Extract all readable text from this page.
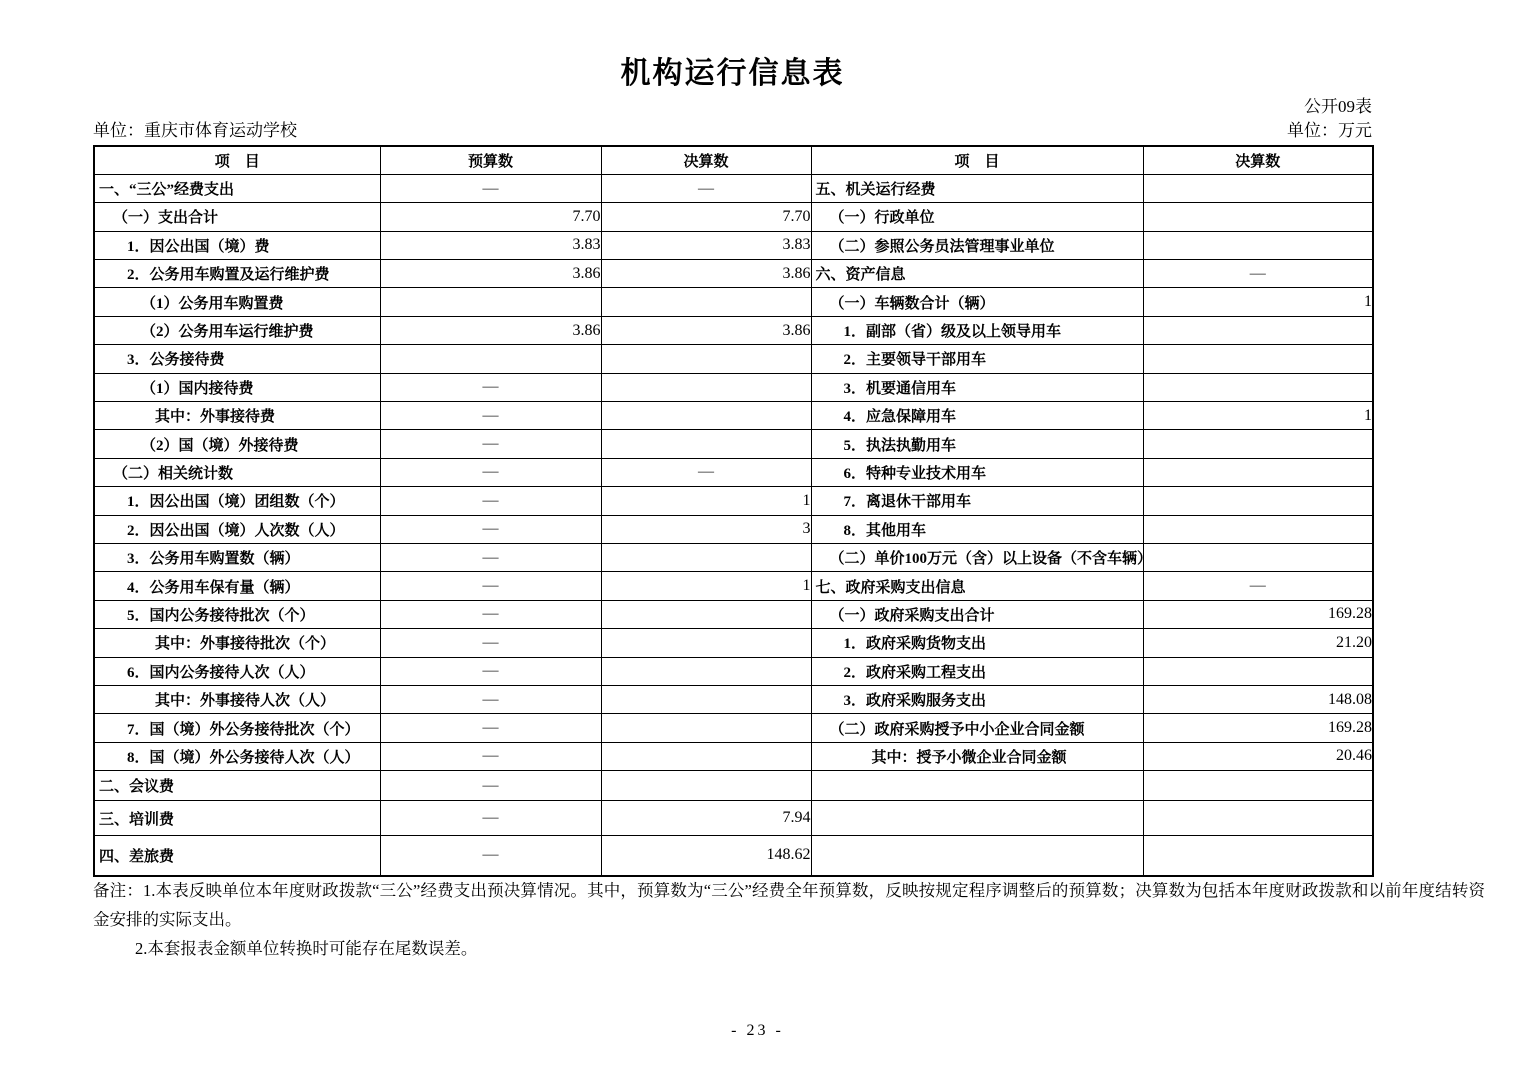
机构运行信息表
公开09表
单位：重庆市体育运动学校	单位：万元
项　目	预算数	决算数	项　目	决算数
一、“三公”经费支出	—	—	五、机关运行经费	
（一）支出合计	7.70	7.70	（一）行政单位	
1．因公出国（境）费	3.83	3.83	（二）参照公务员法管理事业单位	
2．公务用车购置及运行维护费	3.86	3.86	六、资产信息	—
（1）公务用车购置费			（一）车辆数合计（辆）	1
（2）公务用车运行维护费	3.86	3.86	1．副部（省）级及以上领导用车	
3．公务接待费			2．主要领导干部用车	
（1）国内接待费	—		3．机要通信用车	
其中：外事接待费	—		4．应急保障用车	1
（2）国（境）外接待费	—		5．执法执勤用车	
（二）相关统计数	—	—	6．特种专业技术用车	
1．因公出国（境）团组数（个）	—	1	7．离退休干部用车	
2．因公出国（境）人次数（人）	—	3	8．其他用车	
3．公务用车购置数（辆）	—		（二）单价100万元（含）以上设备（不含车辆）	
4．公务用车保有量（辆）	—	1	七、政府采购支出信息	—
5．国内公务接待批次（个）	—		（一）政府采购支出合计	169.28
其中：外事接待批次（个）	—		1．政府采购货物支出	21.20
6．国内公务接待人次（人）	—		2．政府采购工程支出	
其中：外事接待人次（人）	—		3．政府采购服务支出	148.08
7．国（境）外公务接待批次（个）	—		（二）政府采购授予中小企业合同金额	169.28
8．国（境）外公务接待人次（人）	—		其中：授予小微企业合同金额	20.46
二、会议费	—			
三、培训费	—	7.94		
四、差旅费	—	148.62		

备注：1.本表反映单位本年度财政拨款“三公”经费支出预决算情况。其中，预算数为“三公”经费全年预算数，反映按规定程序调整后的预算数；决算数为包括本年度财政拨款和以前年度结转资金安排的实际支出。

2.本套报表金额单位转换时可能存在尾数误差。

- 23 -
